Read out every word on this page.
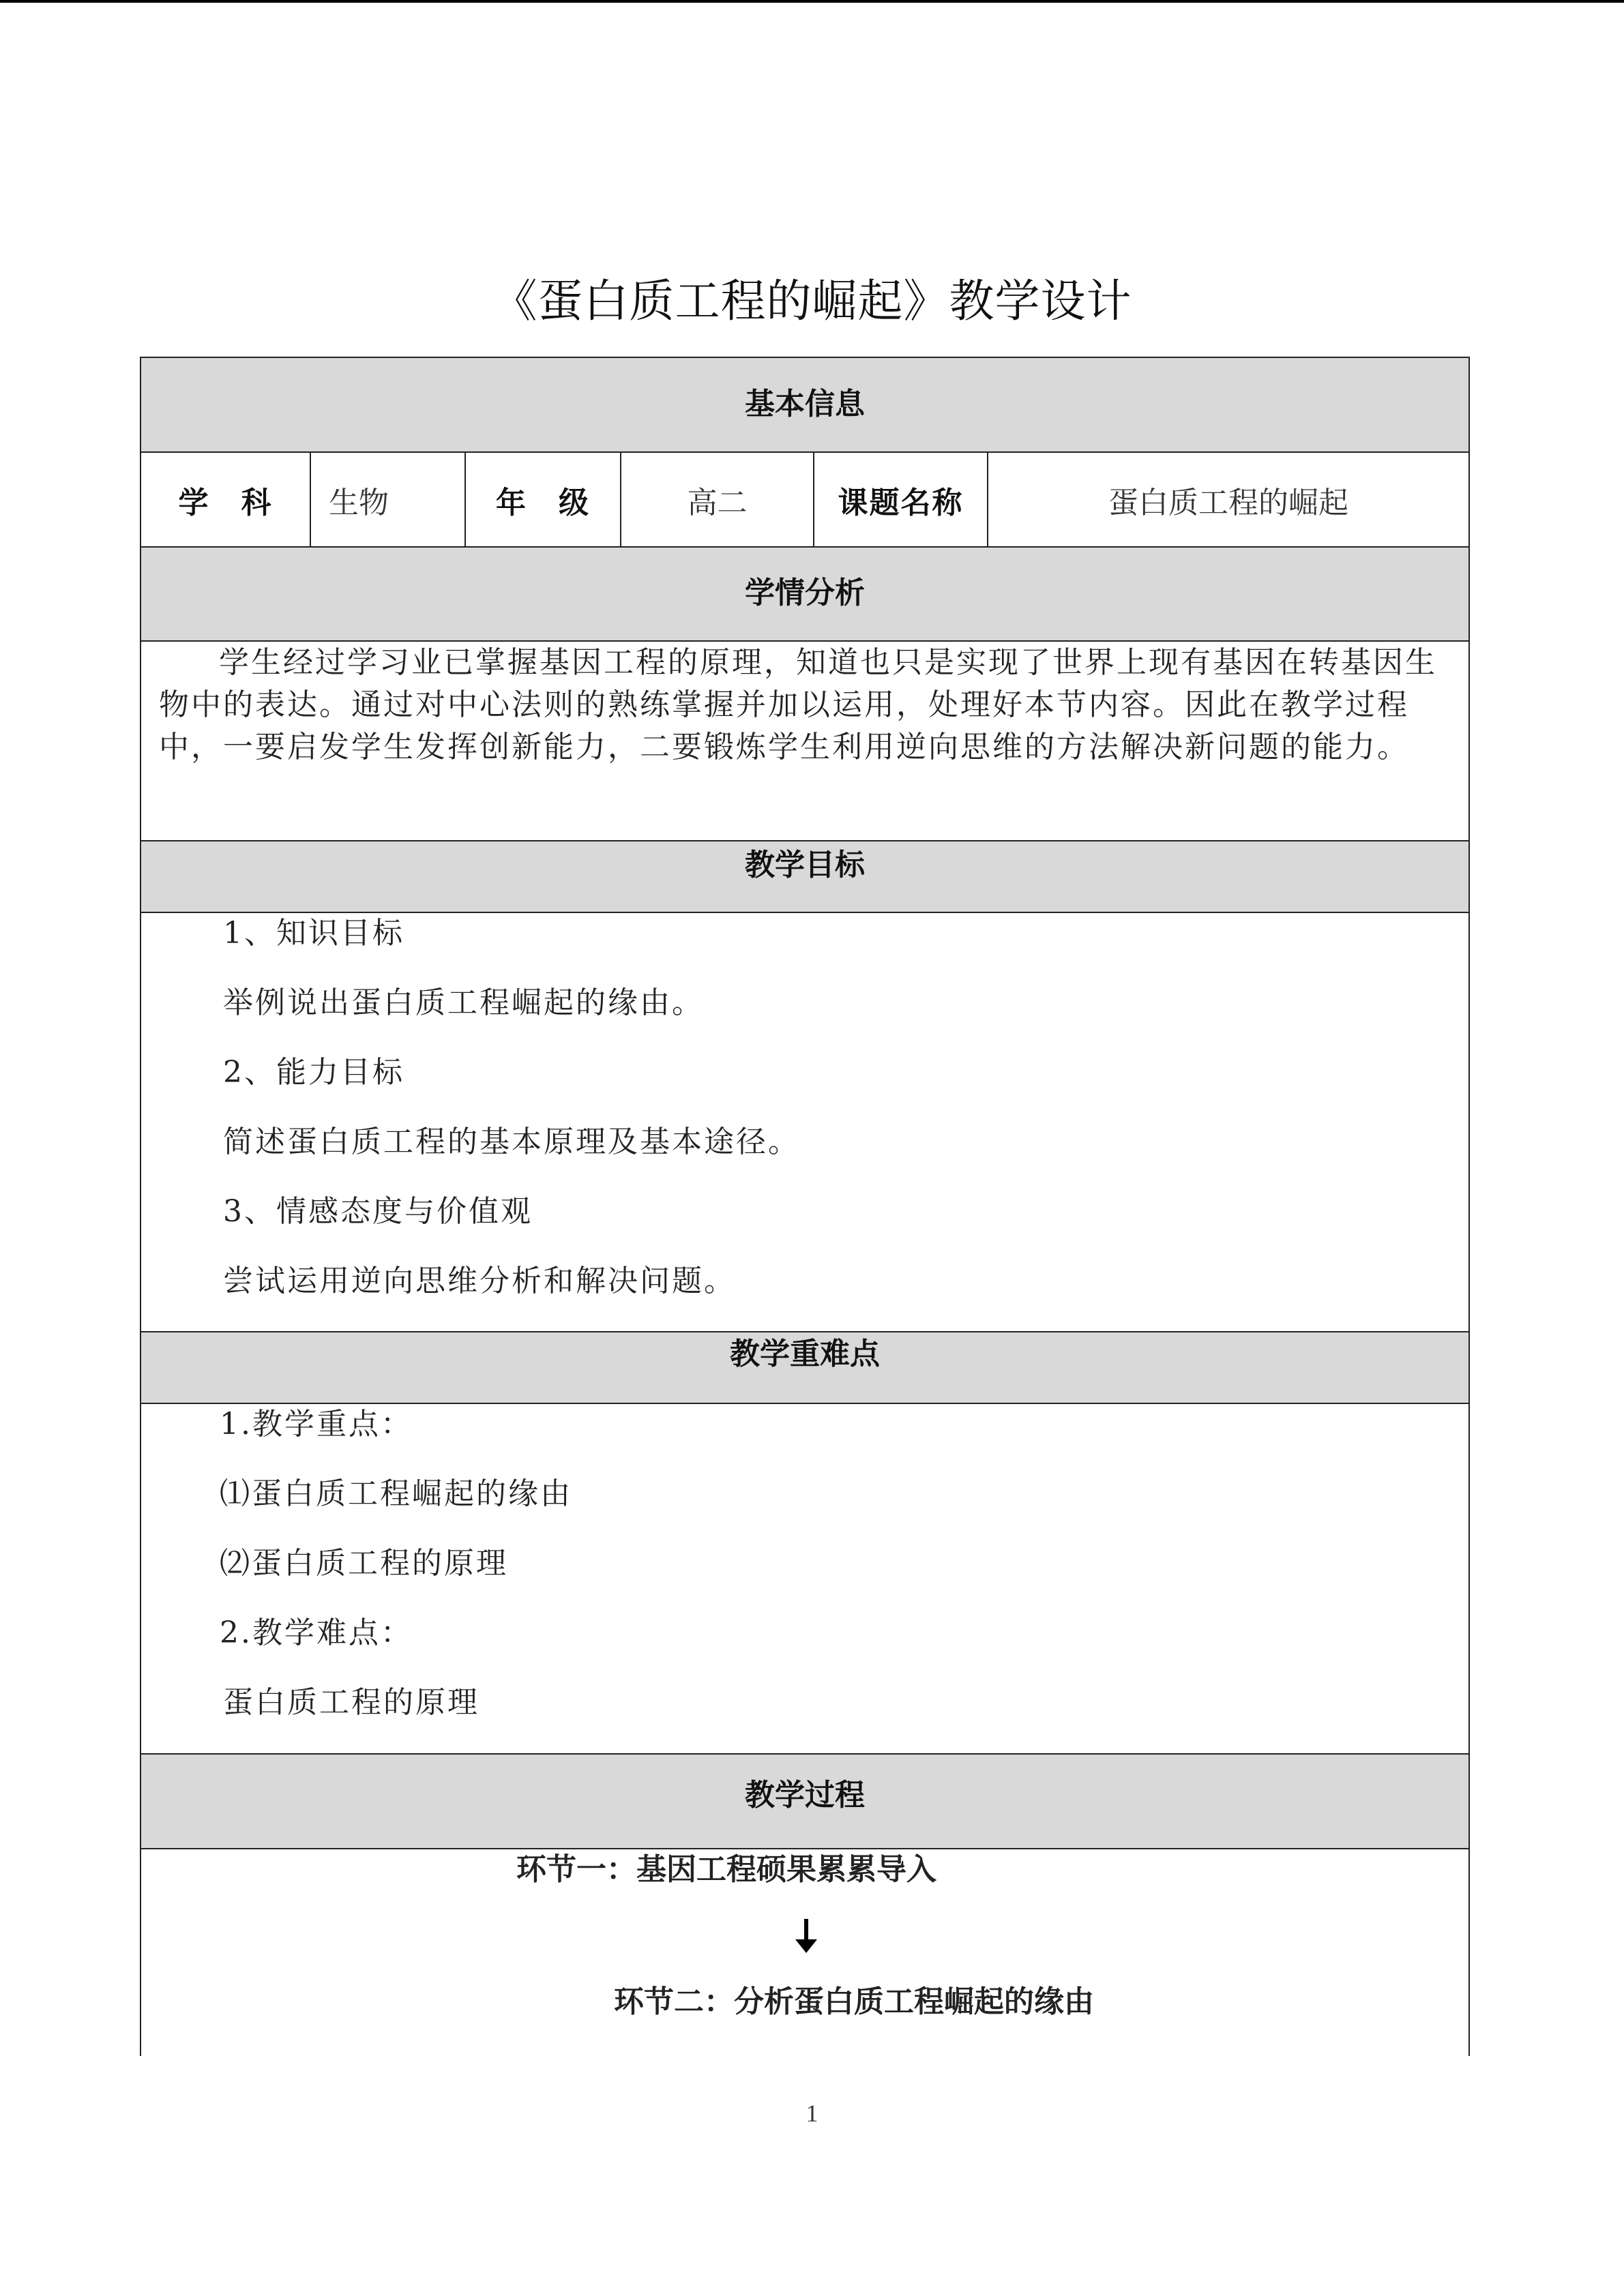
《蛋白质工程的崛起》教学设计
基本信息
学　科	生物	年　级	高二	课题名称	蛋白质工程的崛起
学情分析
学生经过学习业已掌握基因工程的原理，知道也只是实现了世界上现有基因在转基因生物中的表达。通过对中心法则的熟练掌握并加以运用，处理好本节内容。因此在教学过程中，一要启发学生发挥创新能力，二要锻炼学生利用逆向思维的方法解决新问题的能力。
教学目标
1、知识目标
举例说出蛋白质工程崛起的缘由。
2、能力目标
简述蛋白质工程的基本原理及基本途径。
3、情感态度与价值观
尝试运用逆向思维分析和解决问题。
教学重难点
1.教学重点：
⑴蛋白质工程崛起的缘由
⑵蛋白质工程的原理
2.教学难点：
蛋白质工程的原理
教学过程
环节一：基因工程硕果累累导入
环节二：分析蛋白质工程崛起的缘由
1
